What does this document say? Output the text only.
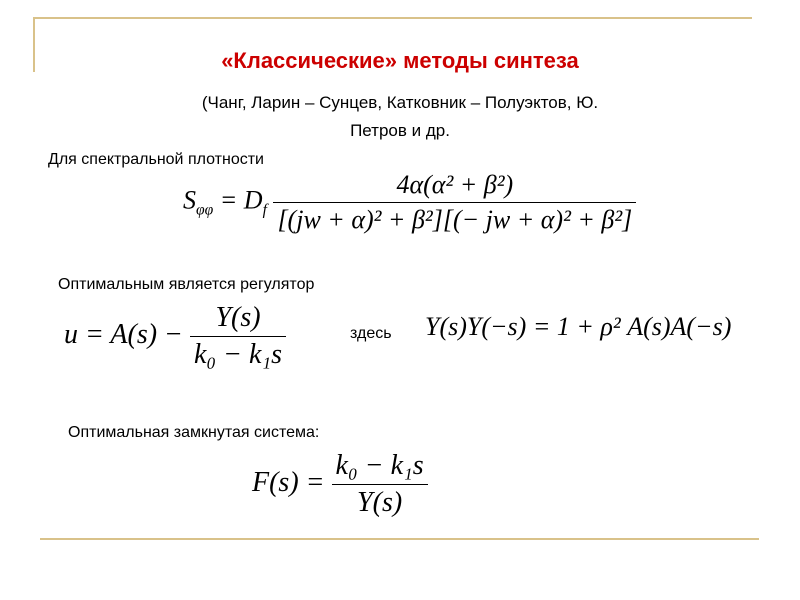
«Классические» методы синтеза
(Чанг, Ларин – Сунцев, Катковник – Полуэктов, Ю.
Петров и др.
Для спектральной плотности
$S_{\varphi\varphi} = D_f \frac{\text{4α(α² + β²)}}{\text{[(jw + α)² + β²][(− jw + α)² + β²]}}$
Оптимальным является регулятор
$u = A(s) - \frac{Y(s)}{\text{k₀ − k₁s}}$	здесь Y(s)Y(−s) = 1 + ρ² A(s)A(−s)
Оптимальная замкнутая система:
$F(s) = \frac{\text{k₀ − k₁s}}{Y(s)}$
